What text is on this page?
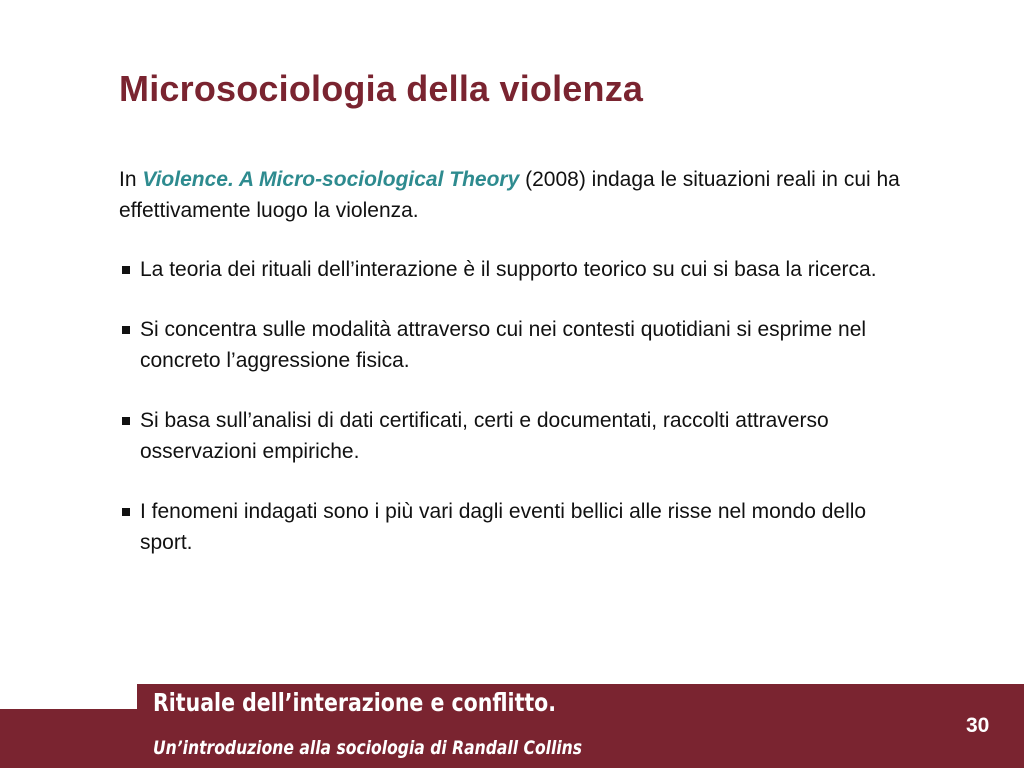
Microsociologia della violenza

In Violence. A Micro-sociological Theory (2008) indaga le situazioni reali in cui ha effettivamente luogo la violenza.

La teoria dei rituali dell’interazione è il supporto teorico su cui si basa la ricerca.
Si concentra sulle modalità attraverso cui nei contesti quotidiani si esprime nel concreto l’aggressione fisica.
Si basa sull’analisi di dati certificati, certi e documentati, raccolti attraverso osservazioni empiriche.
I fenomeni indagati sono i più vari dagli eventi bellici alle risse nel mondo dello sport.

Rituale dell’interazione e conflitto.

Un’introduzione alla sociologia di Randall Collins

30
